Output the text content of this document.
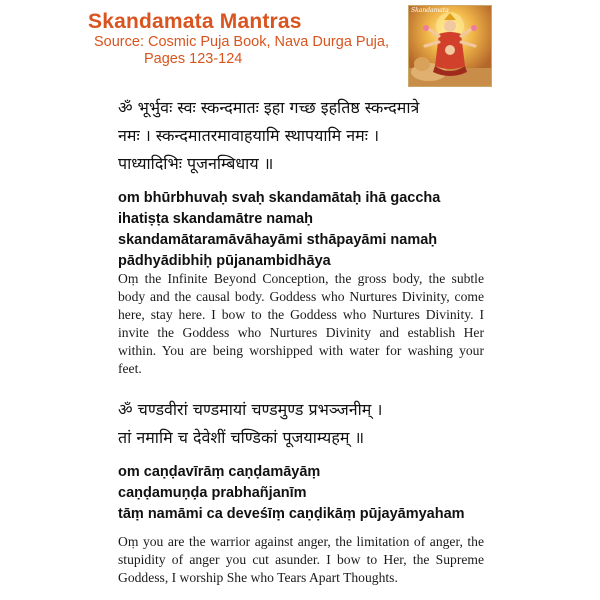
Skandamata Mantras
Source: Cosmic Puja Book, Nava Durga Puja,
Pages 123-124
Skandamata
ॐ भूर्भुवः स्वः स्कन्दमातः इहा गच्छ इहतिष्ठ स्कन्दमात्रे
नमः । स्कन्दमातरमावाहयामि स्थापयामि नमः ।
पाध्यादिभिः पूजनम्बिधाय ॥
om bhūrbhuvaḥ svaḥ skandamātaḥ ihā gaccha
ihatiṣṭa skandamātre namaḥ
skandamātaramāvāhayāmi sthāpayāmi namaḥ
pādhyādibhiḥ pūjanambidhāya
Oṃ the Infinite Beyond Conception, the gross body, the subtle body and the causal body. Goddess who Nurtures Divinity, come here, stay here. I bow to the Goddess who Nurtures Divinity. I invite the Goddess who Nurtures Divinity and establish Her within. You are being worshipped with water for washing your feet.
ॐ चण्डवीरां चण्डमायां चण्डमुण्ड प्रभञ्जनीम् ।
तां नमामि च देवेशीं चण्डिकां पूजयाम्यहम् ॥
om caṇḍavīrāṃ caṇḍamāyāṃ
caṇḍamuṇḍa prabhañjanīm
tāṃ namāmi ca deveśīṃ caṇḍikāṃ pūjayāmyaham
Oṃ you are the warrior against anger, the limitation of anger, the stupidity of anger you cut asunder. I bow to Her, the Supreme Goddess, I worship She who Tears Apart Thoughts.
